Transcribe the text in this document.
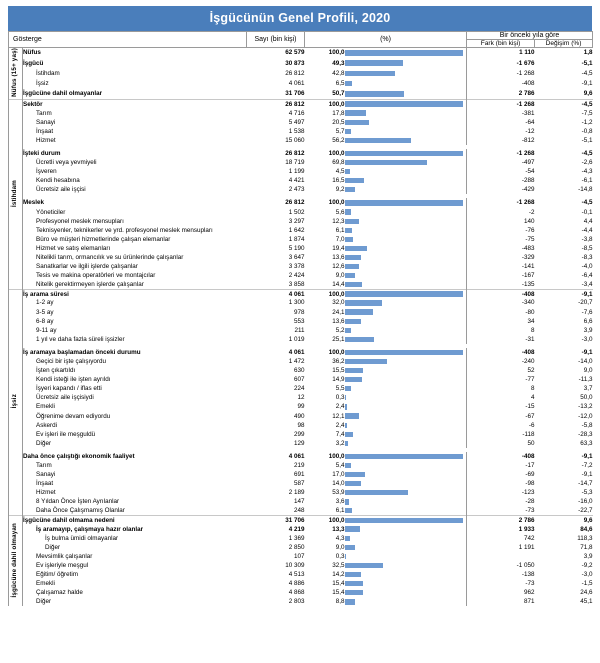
İşgücünün Genel Profili, 2020
Gösterge		Sayı (bin kişi)	(%)		Bir önceki yıla göre	
					Fark (bin kişi)	Değişim (%)
Nüfus (15+ yaş)	Nüfus	62 579	100,0		1 110	1,8
	İşgücü	30 873	49,3		-1 676	-5,1
	İstihdam	26 812	42,8		-1 268	-4,5
	İşsiz	4 061	6,5		-408	-9,1
	İşgücüne dahil olmayanlar	31 706	50,7		2 786	9,6
İstihdam	Sektör	26 812	100,0		-1 268	-4,5
	Tarım	4 716	17,8		-381	-7,5
	Sanayi	5 497	20,5		-64	-1,2
	İnşaat	1 538	5,7		-12	-0,8
	Hizmet	15 060	56,2		-812	-5,1

	İşteki durum	26 812	100,0		-1 268	-4,5
	Ücretli veya yevmiyeli	18 719	69,8		-497	-2,6
	İşveren	1 199	4,5		-54	-4,3
	Kendi hesabına	4 421	16,5		-288	-6,1
	Ücretsiz aile işçisi	2 473	9,2		-429	-14,8

	Meslek	26 812	100,0		-1 268	-4,5
	Yöneticiler	1 502	5,6		-2	-0,1
	Profesyonel meslek mensupları	3 297	12,3		140	4,4
	Teknisyenler, teknikerler ve yrd. profesyonel meslek mensupları	1 642	6,1		-76	-4,4
	Büro ve müşteri hizmetlerinde çalışan elemanlar	1 874	7,0		-75	-3,8
	Hizmet ve satış elemanları	5 190	19,4		-483	-8,5
	Nitelikli tarım, ormancılık ve su ürünlerinde çalışanlar	3 647	13,6		-329	-8,3
	Sanatkarlar ve ilgili işlerde çalışanlar	3 378	12,6		-141	-4,0
	Tesis ve makina operatörleri ve montajcılar	2 424	9,0		-167	-6,4
	Nitelik gerektirmeyen işlerde çalışanlar	3 858	14,4		-135	-3,4
İşsiz	İş arama süresi	4 061	100,0		-408	-9,1
	1-2 ay	1 300	32,0		-340	-20,7
	3-5 ay	978	24,1		-80	-7,6
	6-8 ay	553	13,6		34	6,6
	9-11 ay	211	5,2		8	3,9
	1 yıl ve daha fazla süreli işsizler	1 019	25,1		-31	-3,0

	İş aramaya başlamadan önceki durumu	4 061	100,0		-408	-9,1
	Geçici bir işte çalışıyordu	1 472	36,2		-240	-14,0
	İşten çıkartıldı	630	15,5		52	9,0
	Kendi isteği ile işten ayrıldı	607	14,9		-77	-11,3
	İşyeri kapandı / iflas etti	224	5,5		8	3,7
	Ücretsiz aile işçisiydi	12	0,3		4	50,0
	Emekli	99	2,4		-15	-13,2
	Öğrenime devam ediyordu	490	12,1		-67	-12,0
	Askerdi	98	2,4		-6	-5,8
	Ev işleri ile meşguldü	299	7,4		-118	-28,3
	Diğer	129	3,2		50	63,3

	Daha önce çalıştığı ekonomik faaliyet	4 061	100,0		-408	-9,1
	Tarım	219	5,4		-17	-7,2
	Sanayi	691	17,0		-69	-9,1
	İnşaat	587	14,0		-98	-14,7
	Hizmet	2 189	53,9		-123	-5,3
	8 Yıldan Önce İşten Ayrılanlar	147	3,6		-28	-16,0
	Daha Önce Çalışmamış Olanlar	248	6,1		-73	-22,7
İşgücüne dahil olmayan	İşgücüne dahil olmama nedeni	31 706	100,0		2 786	9,6
	İş aramayıp, çalışmaya hazır olanlar	4 219	13,3		1 933	84,6
	İş bulma ümidi olmayanlar	1 369	4,3		742	118,3
	Diğer	2 850	9,0		1 191	71,8
	Mevsimlik çalışanlar	107	0,3			3,9
	Ev işleriyle meşgul	10 309	32,5		-1 050	-9,2
	Eğitim/ öğretim	4 513	14,2		-138	-3,0
	Emekli	4 886	15,4		-73	-1,5
	Çalışamaz halde	4 868	15,4		962	24,6
	Diğer	2 803	8,8		871	45,1
